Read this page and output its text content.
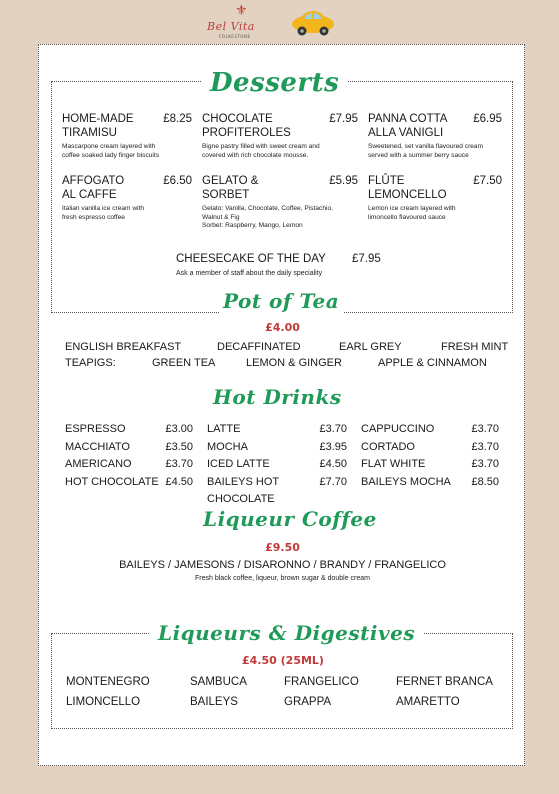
⚜
Bel Vita
FOLKESTONE
Desserts
HOME-MADE
TIRAMISU
£8.25
Mascarpone cream layered with
coffee soaked lady finger biscuits
CHOCOLATE
PROFITEROLES
£7.95
Bigne pastry filled with sweet cream and
covered with rich chocolate mousse.
PANNA COTTA
ALLA VANIGLI
£6.95
Sweetened, set vanilla flavoured cream
served with a summer berry sauce
AFFOGATO
AL CAFFE
£6.50
Italian vanilla ice cream with
fresh espresso coffee
GELATO &
SORBET
£5.95
Gelato: Vanilla, Chocolate, Coffee, Pistachio,
Walnut & Fig
Sorbet: Raspberry, Mango, Lemon
FLÛTE
LEMONCELLO
£7.50
Lemon ice cream layered with
limoncello flavoured sauce
CHEESECAKE OF THE DAY £7.95
Ask a member of staff about the daily speciality
Pot of Tea
£4.00
ENGLISH BREAKFAST	DECAFFINATED	EARL GREY	FRESH MINT
TEAPIGS:	GREEN TEA	LEMON & GINGER	APPLE & CINNAMON
Hot Drinks
ESPRESSO	£3.00
MACCHIATO	£3.50
AMERICANO	£3.70
HOT CHOCOLATE £4.50
LATTE	£3.70
MOCHA	£3.95
ICED LATTE	£4.50
BAILEYS HOT
CHOCOLATE
£7.70
CAPPUCCINO	£3.70
CORTADO	£3.70
FLAT WHITE	£3.70
BAILEYS MOCHA £8.50
Liqueur Coffee
£9.50
BAILEYS / JAMESONS / DISARONNO / BRANDY / FRANGELICO
Fresh black coffee, liqueur, brown sugar & double cream
Liqueurs & Digestives
£4.50 (25ML)
MONTENEGRO	SAMBUCA	FRANGELICO	FERNET BRANCA
LIMONCELLO	BAILEYS	GRAPPA	AMARETTO
